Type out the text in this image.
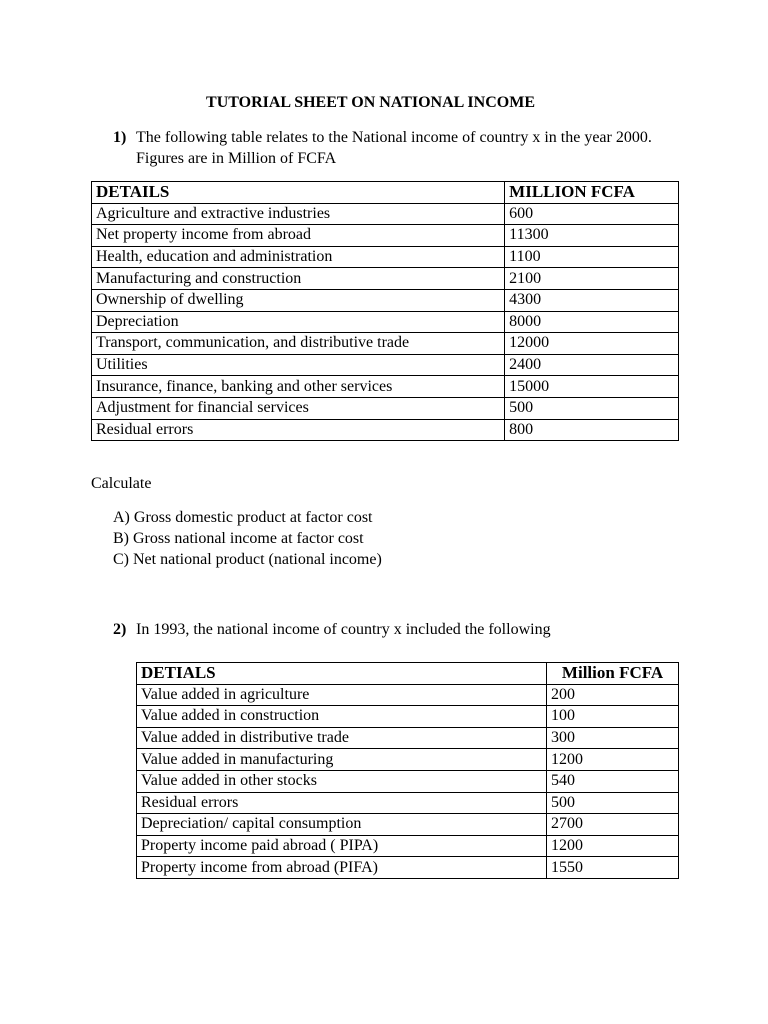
TUTORIAL SHEET ON NATIONAL INCOME
1) The following table relates to the National income of country x in the year 2000. Figures are in Million of FCFA
DETAILS	MILLION FCFA
Agriculture and extractive industries	600
Net property income from abroad	11300
Health, education and administration	1100
Manufacturing and construction	2100
Ownership of dwelling	4300
Depreciation	8000
Transport, communication, and distributive trade	12000
Utilities	2400
Insurance, finance, banking and other services	15000
Adjustment for financial services	500
Residual errors	800
Calculate
A) Gross domestic product at factor cost
B) Gross national income at factor cost
C) Net national product (national income)
2) In 1993, the national income of country x included the following
DETIALS	Million FCFA
Value added in agriculture	200
Value added in construction	100
Value added in distributive trade	300
Value added in manufacturing	1200
Value added in other stocks	540
Residual errors	500
Depreciation/ capital consumption	2700
Property income paid abroad ( PIPA)	1200
Property income from abroad (PIFA)	1550
